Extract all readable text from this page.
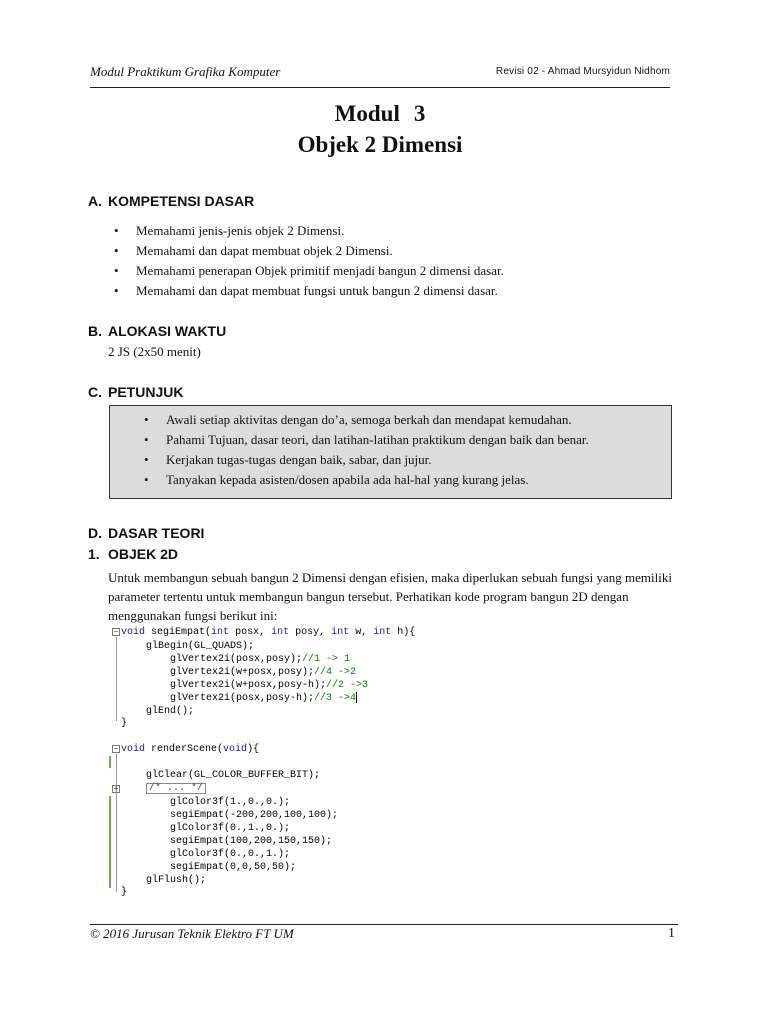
Modul Praktikum Grafika Komputer	Revisi 02 - Ahmad Mursyidun Nidhom
Modul 3
Objek 2 Dimensi
A. KOMPETENSI DASAR
• Memahami jenis-jenis objek 2 Dimensi.
• Memahami dan dapat membuat objek 2 Dimensi.
• Memahami penerapan Objek primitif menjadi bangun 2 dimensi dasar.
• Memahami dan dapat membuat fungsi untuk bangun 2 dimensi dasar.
B. ALOKASI WAKTU
2 JS (2x50 menit)
C. PETUNJUK
• Awali setiap aktivitas dengan do’a, semoga berkah dan mendapat kemudahan.
• Pahami Tujuan, dasar teori, dan latihan-latihan praktikum dengan baik dan benar.
• Kerjakan tugas-tugas dengan baik, sabar, dan jujur.
• Tanyakan kepada asisten/dosen apabila ada hal-hal yang kurang jelas.
D. DASAR TEORI
1. OBJEK 2D
Untuk membangun sebuah bangun 2 Dimensi dengan efisien, maka diperlukan sebuah fungsi yang memiliki parameter tertentu untuk membangun bangun tersebut. Perhatikan kode program bangun 2D dengan menggunakan fungsi berikut ini:
− void segiEmpat(int posx, int posy, int w, int h){
glBegin(GL_QUADS);
glVertex2i(posx,posy);//1 -> 1
glVertex2i(w+posx,posy);//4 ->2
glVertex2i(w+posx,posy-h);//2 ->3
glVertex2i(posx,posy-h);//3 ->4
glEnd();
}
− void renderScene(void){
glClear(GL_COLOR_BUFFER_BIT);
+	/* ... */
glColor3f(1.,0.,0.);
segiEmpat(-200,200,100,100);
glColor3f(0.,1.,0.);
segiEmpat(100,200,150,150);
glColor3f(0.,0.,1.);
segiEmpat(0,0,50,50);
glFlush();
}
© 2016 Jurusan Teknik Elektro FT UM	1
